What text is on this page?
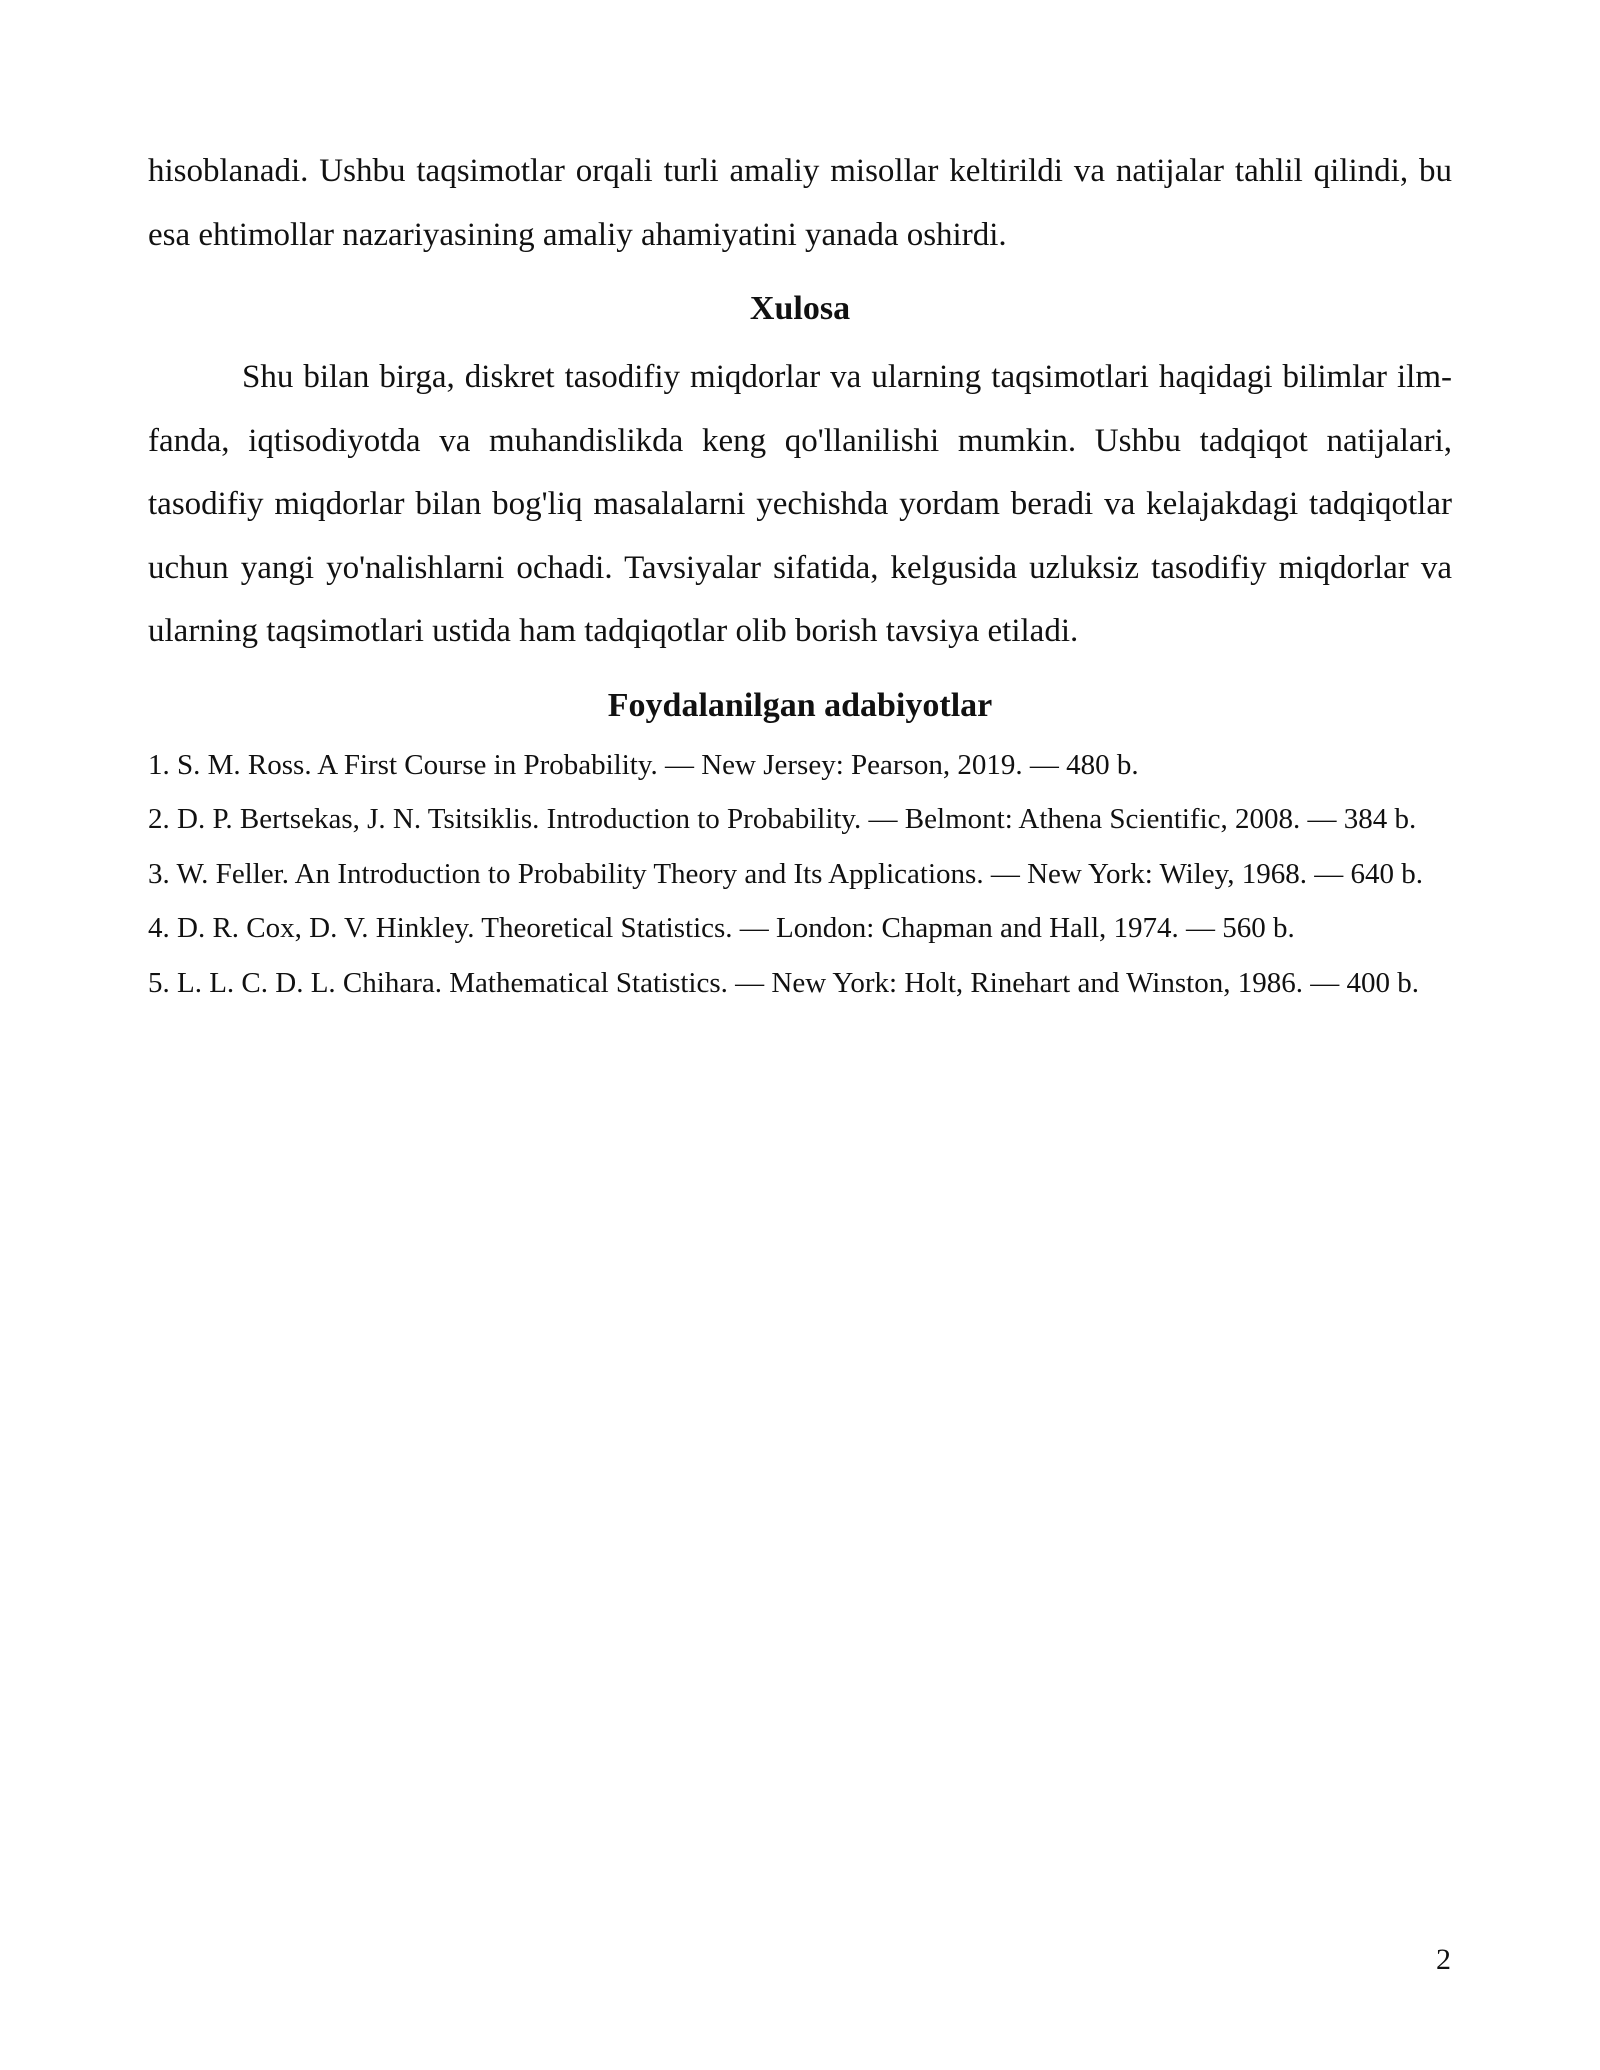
hisoblanadi. Ushbu taqsimotlar orqali turli amaliy misollar keltirildi va natijalar tahlil qilindi, bu esa ehtimollar nazariyasining amaliy ahamiyatini yanada oshirdi.

Xulosa

Shu bilan birga, diskret tasodifiy miqdorlar va ularning taqsimotlari haqidagi bilimlar ilm-fanda, iqtisodiyotda va muhandislikda keng qo'llanilishi mumkin. Ushbu tadqiqot natijalari, tasodifiy miqdorlar bilan bog'liq masalalarni yechishda yordam beradi va kelajakdagi tadqiqotlar uchun yangi yo'nalishlarni ochadi. Tavsiyalar sifatida, kelgusida uzluksiz tasodifiy miqdorlar va ularning taqsimotlari ustida ham tadqiqotlar olib borish tavsiya etiladi.

Foydalanilgan adabiyotlar
1. S. M. Ross. A First Course in Probability. — New Jersey: Pearson, 2019. — 480 b.
2. D. P. Bertsekas, J. N. Tsitsiklis. Introduction to Probability. — Belmont: Athena Scientific, 2008. — 384 b.
3. W. Feller. An Introduction to Probability Theory and Its Applications. — New York: Wiley, 1968. — 640 b.
4. D. R. Cox, D. V. Hinkley. Theoretical Statistics. — London: Chapman and Hall, 1974. — 560 b.
5. L. L. C. D. L. Chihara. Mathematical Statistics. — New York: Holt, Rinehart and Winston, 1986. — 400 b.
2
